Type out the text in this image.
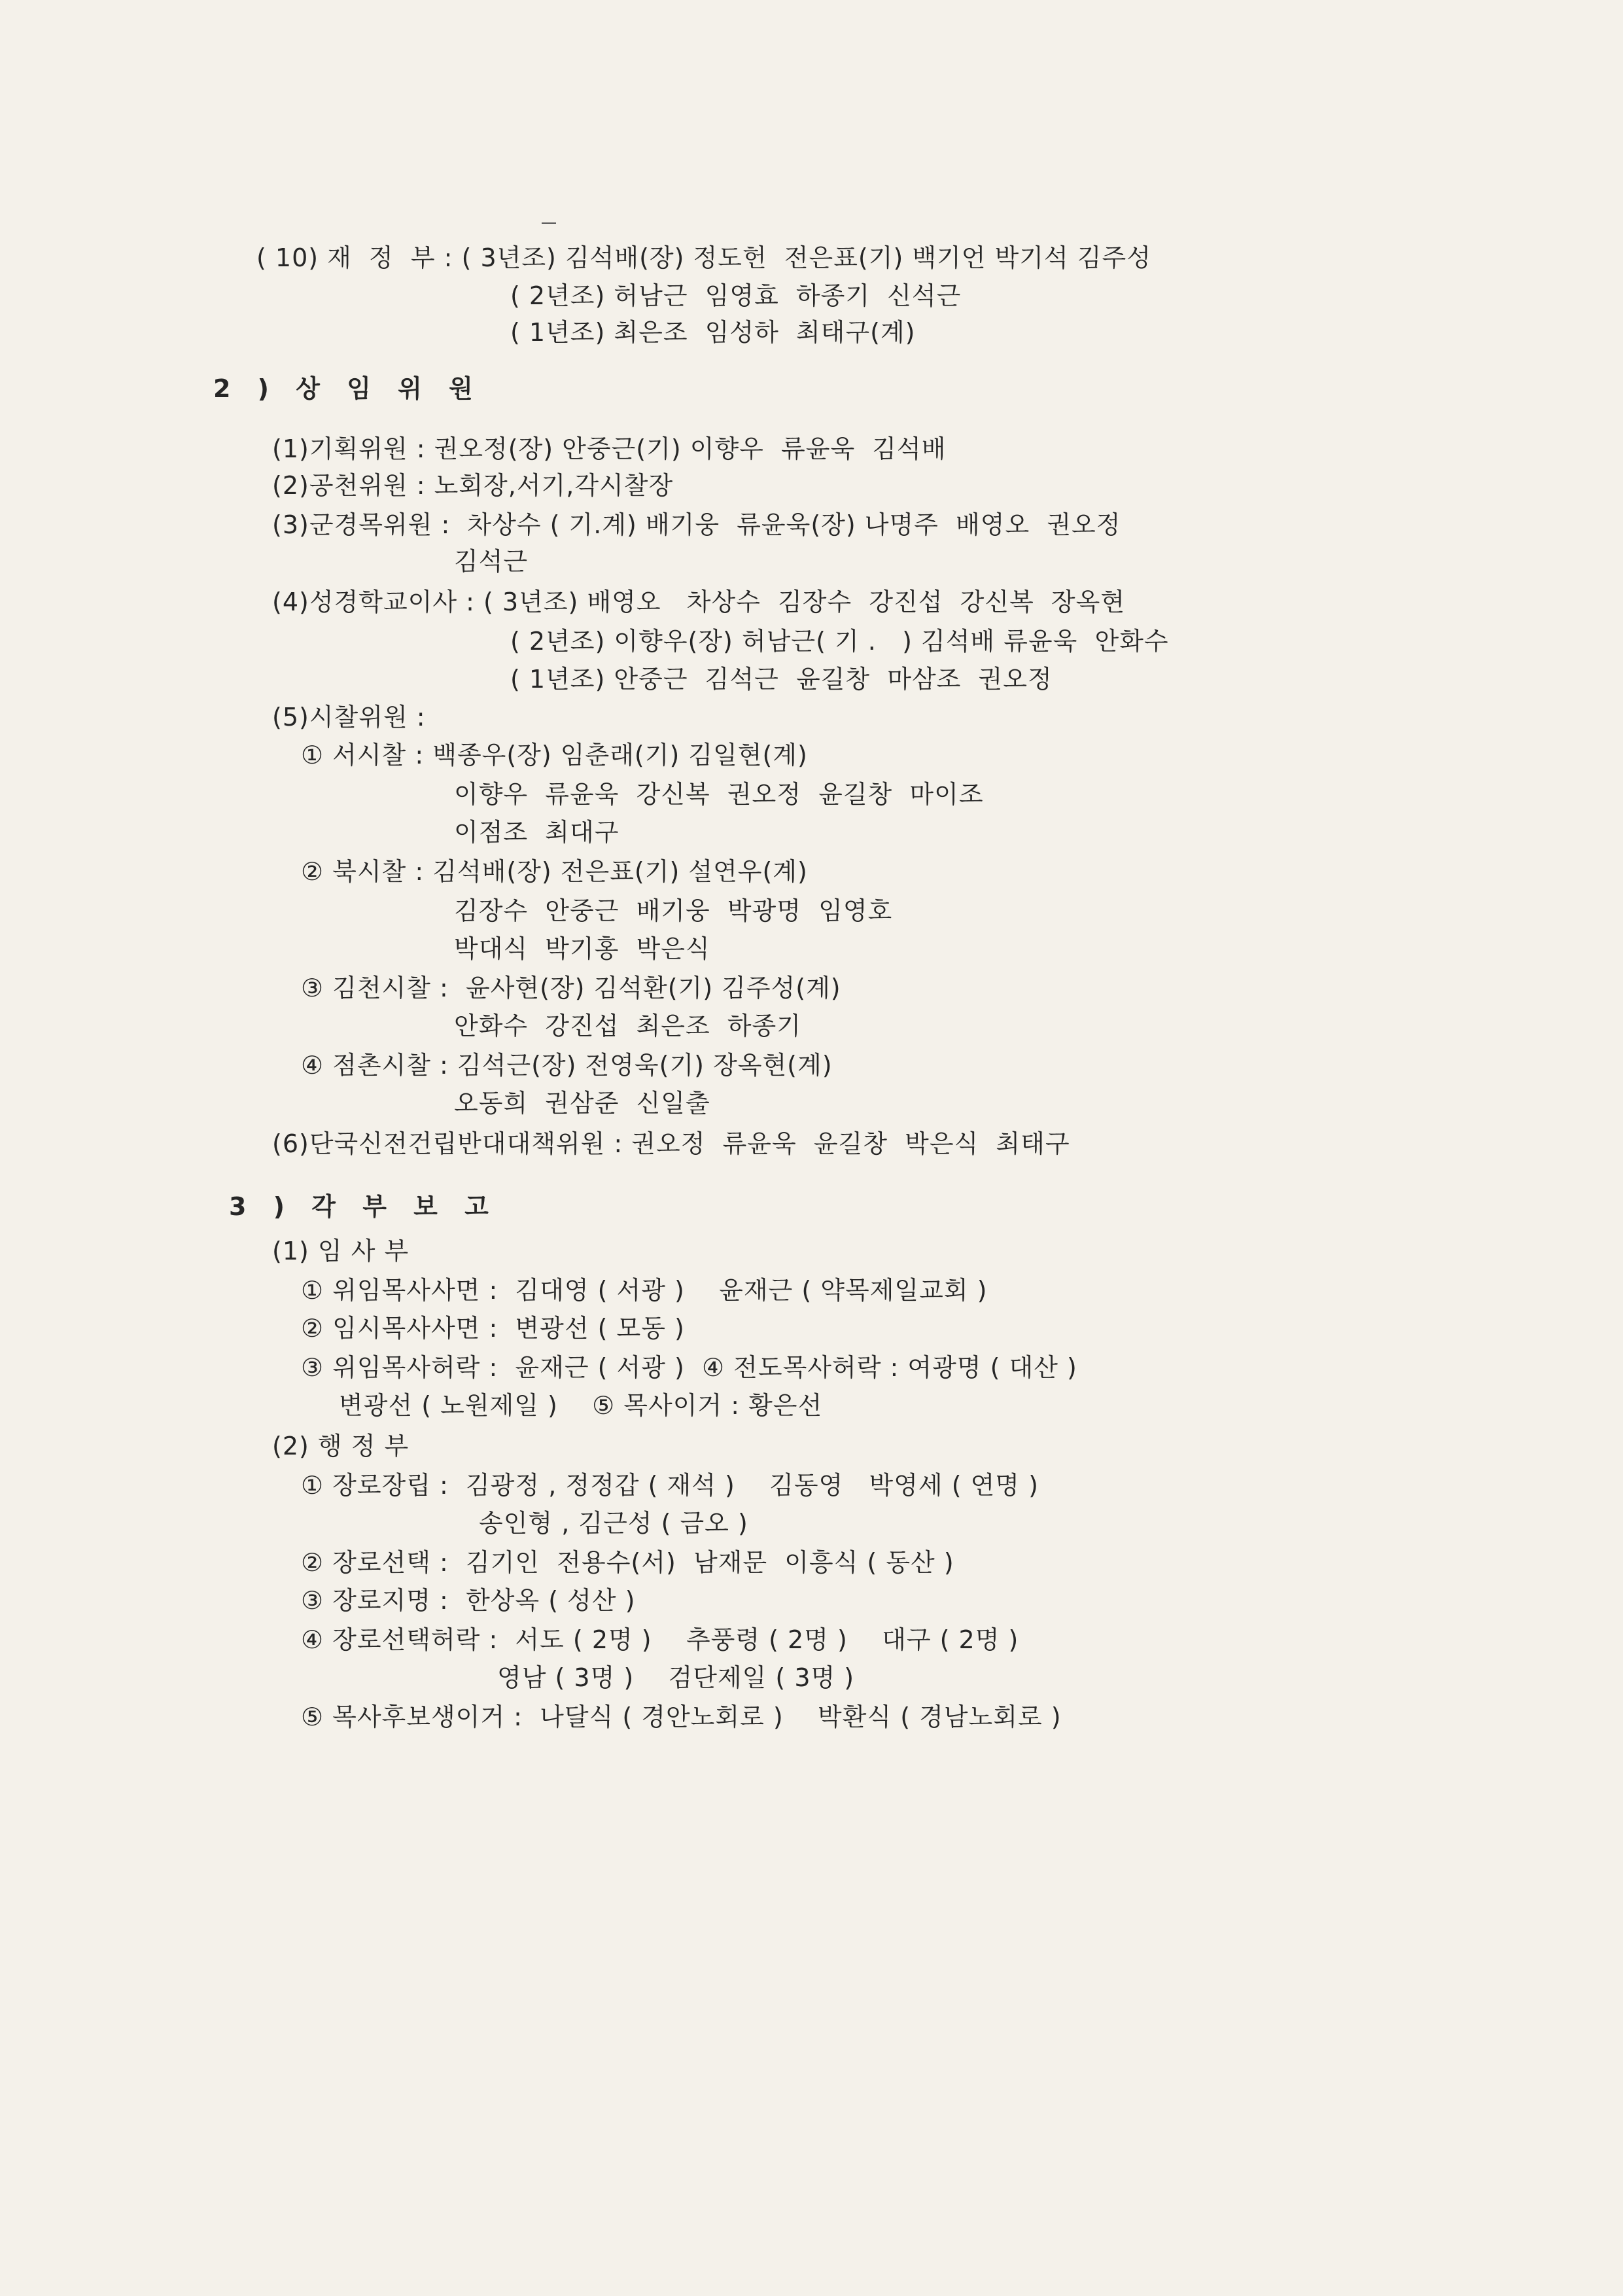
( 10) 재  정  부 : ( 3년조) 김석배(장) 정도헌  전은표(기) 백기언 박기석 김주성
( 2년조) 허남근  임영효  하종기  신석근
( 1년조) 최은조  임성하  최태구(계)
2 ) 상 임 위 원
(1)기획위원 : 권오정(장) 안중근(기) 이향우  류윤욱  김석배
(2)공천위원 : 노회장,서기,각시찰장
(3)군경목위원 :  차상수 ( 기.계) 배기웅  류윤욱(장) 나명주  배영오  권오정
김석근
(4)성경학교이사 : ( 3년조) 배영오   차상수  김장수  강진섭  강신복  장옥현
( 2년조) 이향우(장) 허남근( 기 .   ) 김석배 류윤욱  안화수
( 1년조) 안중근  김석근  윤길창  마삼조  권오정
(5)시찰위원 :
① 서시찰 : 백종우(장) 임춘래(기) 김일현(계)
이향우  류윤욱  강신복  권오정  윤길창  마이조
이점조  최대구
② 북시찰 : 김석배(장) 전은표(기) 설연우(계)
김장수  안중근  배기웅  박광명  임영호
박대식  박기홍  박은식
③ 김천시찰 :  윤사현(장) 김석환(기) 김주성(계)
안화수  강진섭  최은조  하종기
④ 점촌시찰 : 김석근(장) 전영욱(기) 장옥현(계)
오동희  권삼준  신일출
(6)단국신전건립반대대책위원 : 권오정  류윤욱  윤길창  박은식  최태구
3 ) 각 부 보 고
(1) 임 사 부
① 위임목사사면 :  김대영 ( 서광 )    윤재근 ( 약목제일교회 )
② 임시목사사면 :  변광선 ( 모동 )
③ 위임목사허락 :  윤재근 ( 서광 )  ④ 전도목사허락 : 여광명 ( 대산 )
변광선 ( 노원제일 )    ⑤ 목사이거 : 황은선
(2) 행 정 부
① 장로장립 :  김광정 , 정정갑 ( 재석 )    김동영   박영세 ( 연명 )
송인형 , 김근성 ( 금오 )
② 장로선택 :  김기인  전용수(서)  남재문  이흥식 ( 동산 )
③ 장로지명 :  한상옥 ( 성산 )
④ 장로선택허락 :  서도 ( 2명 )    추풍령 ( 2명 )    대구 ( 2명 )
영남 ( 3명 )    검단제일 ( 3명 )
⑤ 목사후보생이거 :  나달식 ( 경안노회로 )    박환식 ( 경남노회로 )
